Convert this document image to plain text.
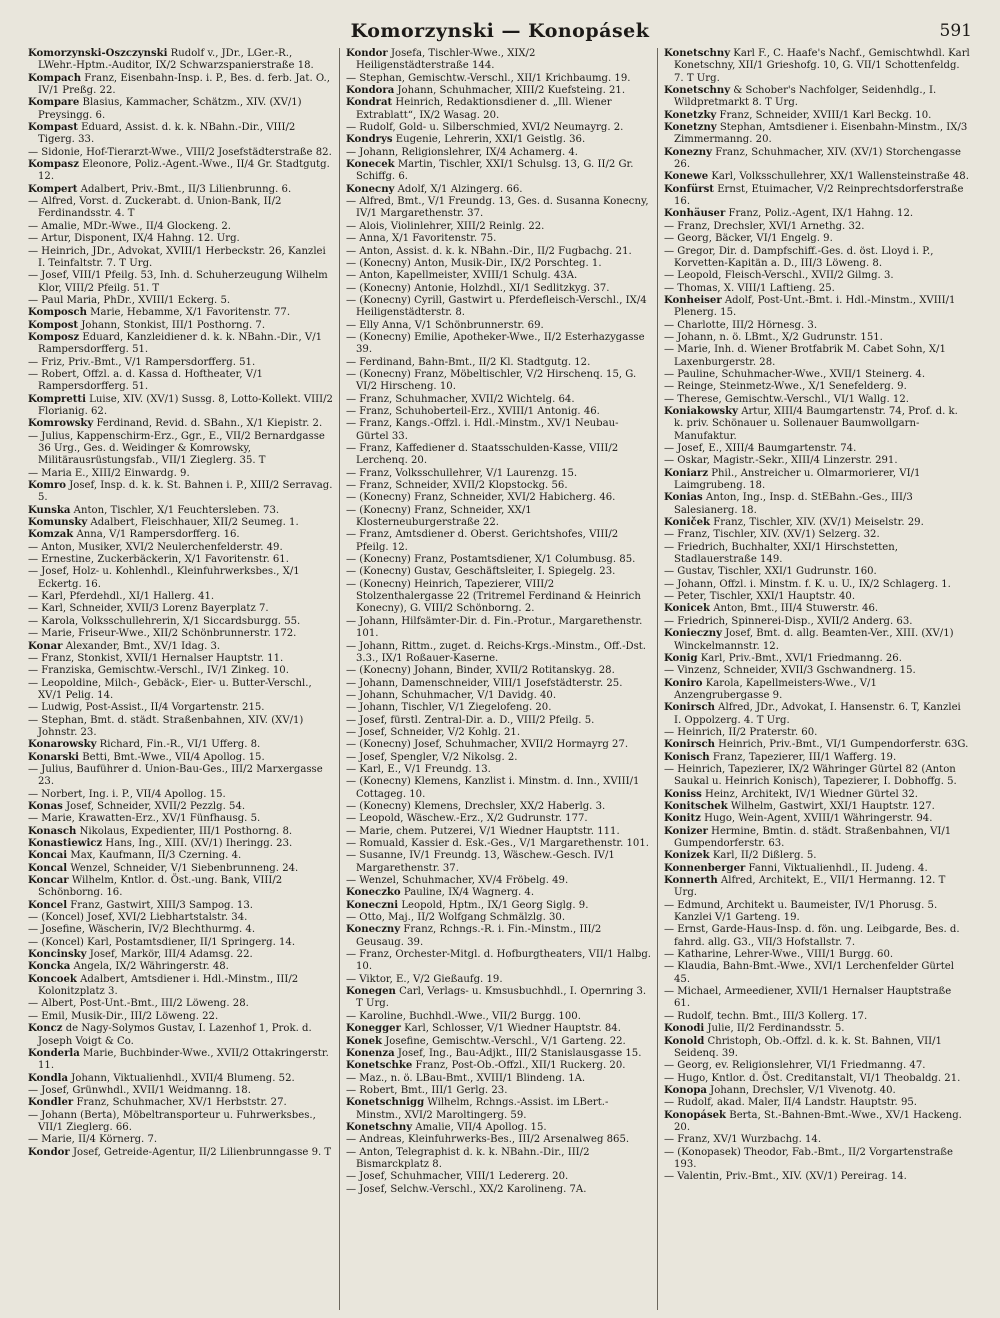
Komorzynski — Konopásek	591

Komorzynski-Oszczynski Rudolf v., JDr., LGer.-R., LWehr.-Hptm.-Auditor, IX/2 Schwarzspanierstraße 18.

Kompach Franz, Eisenbahn-Insp. i. P., Bes. d. ferb. Jat. O., IV/1 Preßg. 22.

Kompare Blasius, Kammacher, Schätzm., XIV. (XV/1) Preysingg. 6.

Kompast Eduard, Assist. d. k. k. NBahn.-Dir., VIII/2 Tigerg. 33.

— Sidonie, Hof-Tierarzt-Wwe., VIII/2 Josefstädterstraße 82.

Kompasz Eleonore, Poliz.-Agent.-Wwe., II/4 Gr. Stadtgutg. 12.

Kompert Adalbert, Priv.-Bmt., II/3 Lilienbrunng. 6.

— Alfred, Vorst. d. Zuckerabt. d. Union-Bank, II/2 Ferdinandsstr. 4. T

— Amalie, MDr.-Wwe., II/4 Glockeng. 2.

— Artur, Disponent, IX/4 Hahng. 12. Urg.

— Heinrich, JDr., Advokat, XVIII/1 Herbeckstr. 26, Kanzlei I. Teinfaltstr. 7. T Urg.

— Josef, VIII/1 Pfeilg. 53, Inh. d. Schuherzeugung Wilhelm Klor, VIII/2 Pfeilg. 51. T

— Paul Maria, PhDr., XVIII/1 Eckerg. 5.

Komposch Marie, Hebamme, X/1 Favoritenstr. 77.

Kompost Johann, Stonkist, III/1 Posthorng. 7.

Komposz Eduard, Kanzleidiener d. k. k. NBahn.-Dir., V/1 Rampersdorfferg. 51.

— Friz, Priv.-Bmt., V/1 Rampersdorfferg. 51.

— Robert, Offzl. a. d. Kassa d. Hoftheater, V/1 Rampersdorfferg. 51.

Kompretti Luise, XIV. (XV/1) Sussg. 8, Lotto-Kollekt. VIII/2 Florianig. 62.

Komrowsky Ferdinand, Revid. d. SBahn., X/1 Kiepistr. 2.

— Julius, Kappenschirm-Erz., Ggr., E., VII/2 Bernardgasse 36 Urg., Ges. d. Weidinger & Komrowsky, Militärausrüstungsfab., VII/1 Zieglerg. 35. T

— Maria E., XIII/2 Einwardg. 9.

Komro Josef, Insp. d. k. k. St. Bahnen i. P., XIII/2 Serravag. 5.

Kunska Anton, Tischler, X/1 Feuchtersleben. 73.

Komunsky Adalbert, Fleischhauer, XII/2 Seumeg. 1.

Komzak Anna, V/1 Rampersdorfferg. 16.

— Anton, Musiker, XVI/2 Neulerchenfelderstr. 49.

— Ernestine, Zuckerbäckerin, X/1 Favoritenstr. 61.

— Josef, Holz- u. Kohlenhdl., Kleinfuhrwerksbes., X/1 Eckertg. 16.

— Karl, Pferdehdl., XI/1 Hallerg. 41.

— Karl, Schneider, XVII/3 Lorenz Bayerplatz 7.

— Karola, Volksschullehrerin, X/1 Siccardsburgg. 55.

— Marie, Friseur-Wwe., XII/2 Schönbrunnerstr. 172.

Konar Alexander, Bmt., XV/1 Idag. 3.

— Franz, Stonkist, XVII/1 Hernalser Hauptstr. 11.

— Franziska, Gemischtw.-Verschl., IV/1 Zinkeg. 10.

— Leopoldine, Milch-, Gebäck-, Eier- u. Butter-Verschl., XV/1 Pelig. 14.

— Ludwig, Post-Assist., II/4 Vorgartenstr. 215.

— Stephan, Bmt. d. städt. Straßenbahnen, XIV. (XV/1) Johnstr. 23.

Konarowsky Richard, Fin.-R., VI/1 Ufferg. 8.

Konarski Betti, Bmt.-Wwe., VII/4 Apollog. 15.

— Julius, Bauführer d. Union-Bau-Ges., III/2 Marxergasse 23.

— Norbert, Ing. i. P., VII/4 Apollog. 15.

Konas Josef, Schneider, XVII/2 Pezzlg. 54.

— Marie, Krawatten-Erz., XV/1 Fünfhausg. 5.

Konasch Nikolaus, Expedienter, III/1 Posthorng. 8.

Konastiewicz Hans, Ing., XIII. (XV/1) Iheringg. 23.

Koncai Max, Kaufmann, II/3 Czerning. 4.

Koncal Wenzel, Schneider, V/1 Siebenbrunneng. 24.

Koncar Wilhelm, Kntlor. d. Öst.-ung. Bank, VIII/2 Schönborng. 16.

Koncel Franz, Gastwirt, XIII/3 Sampog. 13.

— (Koncel) Josef, XVI/2 Liebhartstalstr. 34.

— Josefine, Wäscherin, IV/2 Blechthurmg. 4.

— (Koncel) Karl, Postamtsdiener, II/1 Springerg. 14.

Koncinsky Josef, Markör, III/4 Adamsg. 22.

Koncka Angela, IX/2 Währingerstr. 48.

Koncoek Adalbert, Amtsdiener i. Hdl.-Minstm., III/2 Kolonitzplatz 3.

— Albert, Post-Unt.-Bmt., III/2 Löweng. 28.

— Emil, Musik-Dir., III/2 Löweng. 22.

Koncz de Nagy-Solymos Gustav, I. Lazenhof 1, Prok. d. Joseph Voigt & Co.

Konderla Marie, Buchbinder-Wwe., XVII/2 Ottakringerstr. 11.

Kondla Johann, Viktualienhdl., XVII/4 Blumeng. 52.

— Josef, Grünwhdl., XVII/1 Weidmanng. 18.

Kondler Franz, Schuhmacher, XV/1 Herbststr. 27.

— Johann (Berta), Möbeltransporteur u. Fuhrwerksbes., VII/1 Zieglerg. 66.

— Marie, II/4 Körnerg. 7.

Kondor Josef, Getreide-Agentur, II/2 Lilienbrunngasse 9. T

Kondor Josefa, Tischler-Wwe., XIX/2 Heiligenstädterstraße 144.

— Stephan, Gemischtw.-Verschl., XII/1 Krichbaumg. 19.

Kondora Johann, Schuhmacher, XIII/2 Kuefsteing. 21.

Kondrat Heinrich, Redaktionsdiener d. „Ill. Wiener Extrablatt“, IX/2 Wasag. 20.

— Rudolf, Gold- u. Silberschmied, XVI/2 Neumayrg. 2.

Kondrys Eugenie, Lehrerin, XXI/1 Geistlg. 36.

— Johann, Religionslehrer, IX/4 Achamerg. 4.

Konecek Martin, Tischler, XXI/1 Schulsg. 13, G. II/2 Gr. Schiffg. 6.

Konecny Adolf, X/1 Alzingerg. 66.

— Alfred, Bmt., V/1 Freundg. 13, Ges. d. Susanna Konecny, IV/1 Margarethenstr. 37.

— Alois, Violinlehrer, XIII/2 Reinlg. 22.

— Anna, X/1 Favoritenstr. 75.

— Anton, Assist. d. k. k. NBahn.-Dir., II/2 Fugbachg. 21.

— (Konecny) Anton, Musik-Dir., IX/2 Porschteg. 1.

— Anton, Kapellmeister, XVIII/1 Schulg. 43A.

— (Konecny) Antonie, Holzhdl., XI/1 Sedlitzkyg. 37.

— (Konecny) Cyrill, Gastwirt u. Pferdefleisch-Verschl., IX/4 Heiligenstädterstr. 8.

— Elly Anna, V/1 Schönbrunnerstr. 69.

— (Konecny) Emilie, Apotheker-Wwe., II/2 Esterhazygasse 39.

— Ferdinand, Bahn-Bmt., II/2 Kl. Stadtgutg. 12.

— (Konecny) Franz, Möbeltischler, V/2 Hirschenq. 15, G. VI/2 Hirscheng. 10.

— Franz, Schuhmacher, XVII/2 Wichtelg. 64.

— Franz, Schuhoberteil-Erz., XVIII/1 Antonig. 46.

— Franz, Kangs.-Offzl. i. Hdl.-Minstm., XV/1 Neubau-Gürtel 33.

— Franz, Kaffediener d. Staatsschulden-Kasse, VIII/2 Lerchenq. 20.

— Franz, Volksschullehrer, V/1 Laurenzg. 15.

— Franz, Schneider, XVII/2 Klopstockg. 56.

— (Konecny) Franz, Schneider, XVI/2 Habicherg. 46.

— (Konecny) Franz, Schneider, XX/1 Klosterneuburgerstraße 22.

— Franz, Amtsdiener d. Oberst. Gerichtshofes, VIII/2 Pfeilg. 12.

— (Konecny) Franz, Postamtsdiener, X/1 Columbusg. 85.

— (Konecny) Gustav, Geschäftsleiter, I. Spiegelg. 23.

— (Konecny) Heinrich, Tapezierer, VIII/2 Stolzenthalergasse 22 (Tritremel Ferdinand & Heinrich Konecny), G. VIII/2 Schönborng. 2.

— Johann, Hilfsämter-Dir. d. Fin.-Protur., Margarethenstr. 101.

— Johann, Rittm., zuget. d. Reichs-Krgs.-Minstm., Off.-Dst. 3.3., IX/1 Roßauer-Kaserne.

— (Konecny) Johann, Binder, XVII/2 Rotitanskyg. 28.

— Johann, Damenschneider, VIII/1 Josefstädterstr. 25.

— Johann, Schuhmacher, V/1 Davidg. 40.

— Johann, Tischler, V/1 Ziegelofeng. 20.

— Josef, fürstl. Zentral-Dir. a. D., VIII/2 Pfeilg. 5.

— Josef, Schneider, V/2 Kohlg. 21.

— (Konecny) Josef, Schuhmacher, XVII/2 Hormayrg 27.

— Josef, Spengler, V/2 Nikolsg. 2.

— Karl, E., V/1 Freundg. 13.

— (Konecny) Klemens, Kanzlist i. Minstm. d. Inn., XVIII/1 Cottageg. 10.

— (Konecny) Klemens, Drechsler, XX/2 Haberlg. 3.

— Leopold, Wäschew.-Erz., X/2 Gudrunstr. 177.

— Marie, chem. Putzerei, V/1 Wiedner Hauptstr. 111.

— Romuald, Kassier d. Esk.-Ges., V/1 Margarethenstr. 101.

— Susanne, IV/1 Freundg. 13, Wäschew.-Gesch. IV/1 Margarethenstr. 37.

— Wenzel, Schuhmacher, XV/4 Fröbelg. 49.

Koneczko Pauline, IX/4 Wagnerg. 4.

Koneczni Leopold, Hptm., IX/1 Georg Siglg. 9.

— Otto, Maj., II/2 Wolfgang Schmälzlg. 30.

Koneczny Franz, Rchngs.-R. i. Fin.-Minstm., III/2 Geusaug. 39.

— Franz, Orchester-Mitgl. d. Hofburgtheaters, VII/1 Halbg. 10.

— Viktor, E., V/2 Gießaufg. 19.

Konegen Carl, Verlags- u. Kmsusbuchhdl., I. Opernring 3. T Urg.

— Karoline, Buchhdl.-Wwe., VII/2 Burgg. 100.

Konegger Karl, Schlosser, V/1 Wiedner Hauptstr. 84.

Konek Josefine, Gemischtw.-Verschl., V/1 Garteng. 22.

Konenza Josef, Ing., Bau-Adjkt., III/2 Stanislausgasse 15.

Konetschke Franz, Post-Ob.-Offzl., XII/1 Ruckerg. 20.

— Maz., n. ö. LBau-Bmt., XVIII/1 Blindeng. 1A.

— Robert, Bmt., III/1 Gerlg. 23.

Konetschnigg Wilhelm, Rchngs.-Assist. im LBert.-Minstm., XVI/2 Maroltingerg. 59.

Konetschny Amalie, VII/4 Apollog. 15.

— Andreas, Kleinfuhrwerks-Bes., III/2 Arsenalweg 865.

— Anton, Telegraphist d. k. k. NBahn.-Dir., III/2 Bismarckplatz 8.

— Josef, Schuhmacher, VIII/1 Ledererg. 20.

— Josef, Selchw.-Verschl., XX/2 Karolineng. 7A.

Konetschny Karl F., C. Haafe's Nachf., Gemischtwhdl. Karl Konetschny, XII/1 Grieshofg. 10, G. VII/1 Schottenfeldg. 7. T Urg.

Konetschny & Schober's Nachfolger, Seidenhdlg., I. Wildpretmarkt 8. T Urg.

Konetzky Franz, Schneider, XVIII/1 Karl Beckg. 10.

Konetzny Stephan, Amtsdiener i. Eisenbahn-Minstm., IX/3 Zimmermanng. 20.

Konezny Franz, Schuhmacher, XIV. (XV/1) Storchengasse 26.

Konewe Karl, Volksschullehrer, XX/1 Wallensteinstraße 48.

Konfürst Ernst, Etuimacher, V/2 Reinprechtsdorferstraße 16.

Konhäuser Franz, Poliz.-Agent, IX/1 Hahng. 12.

— Franz, Drechsler, XVI/1 Arnethg. 32.

— Georg, Bäcker, VI/1 Engelg. 9.

— Gregor, Dir. d. Dampfschiff.-Ges. d. öst. Lloyd i. P., Korvetten-Kapitän a. D., III/3 Löweng. 8.

— Leopold, Fleisch-Verschl., XVII/2 Gilmg. 3.

— Thomas, X. VIII/1 Laftieng. 25.

Konheiser Adolf, Post-Unt.-Bmt. i. Hdl.-Minstm., XVIII/1 Plenerg. 15.

— Charlotte, III/2 Hörnesg. 3.

— Johann, n. ö. LBmt., X/2 Gudrunstr. 151.

— Marie, Inh. d. Wiener Brotfabrik M. Cabet Sohn, X/1 Laxenburgerstr. 28.

— Pauline, Schuhmacher-Wwe., XVII/1 Steinerg. 4.

— Reinge, Steinmetz-Wwe., X/1 Senefelderg. 9.

— Therese, Gemischtw.-Verschl., VI/1 Wallg. 12.

Koniakowsky Artur, XIII/4 Baumgartenstr. 74, Prof. d. k. k. priv. Schönauer u. Sollenauer Baumwollgarn-Manufaktur.

— Josef, E., XIII/4 Baumgartenstr. 74.

— Oskar, Magistr.-Sekr., XIII/4 Linzerstr. 291.

Koniarz Phil., Anstreicher u. Olmarmorierer, VI/1 Laimgrubeng. 18.

Konias Anton, Ing., Insp. d. StEBahn.-Ges., III/3 Salesianerg. 18.

Koniček Franz, Tischler, XIV. (XV/1) Meiselstr. 29.

— Franz, Tischler, XIV. (XV/1) Selzerg. 32.

— Friedrich, Buchhalter, XXI/1 Hirschstetten, Stadlauerstraße 149.

— Gustav, Tischler, XXI/1 Gudrunstr. 160.

— Johann, Offzl. i. Minstm. f. K. u. U., IX/2 Schlagerg. 1.

— Peter, Tischler, XXI/1 Hauptstr. 40.

Konicek Anton, Bmt., III/4 Stuwerstr. 46.

— Friedrich, Spinnerei-Disp., XVII/2 Anderg. 63.

Konieczny Josef, Bmt. d. allg. Beamten-Ver., XIII. (XV/1) Winckelmannstr. 12.

Konig Karl, Priv.-Bmt., XVI/1 Friedmanng. 26.

— Vinzenz, Schneider, XVII/3 Gschwandnerg. 15.

Koniro Karola, Kapellmeisters-Wwe., V/1 Anzengrubergasse 9.

Konirsch Alfred, JDr., Advokat, I. Hansenstr. 6. T, Kanzlei I. Oppolzerg. 4. T Urg.

— Heinrich, II/2 Praterstr. 60.

Konirsch Heinrich, Priv.-Bmt., VI/1 Gumpendorferstr. 63G.

Konisch Franz, Tapezierer, III/1 Wafferg. 19.

— Heinrich, Tapezierer, IX/2 Währinger Gürtel 82 (Anton Saukal u. Heinrich Konisch), Tapezierer, I. Dobhoffg. 5.

Koniss Heinz, Architekt, IV/1 Wiedner Gürtel 32.

Konitschek Wilhelm, Gastwirt, XXI/1 Hauptstr. 127.

Konitz Hugo, Wein-Agent, XVIII/1 Währingerstr. 94.

Konizer Hermine, Bmtin. d. städt. Straßenbahnen, VI/1 Gumpendorferstr. 63.

Konizek Karl, II/2 Dißlerg. 5.

Konnenberger Fanni, Viktualienhdl., II. Judeng. 4.

Konnerth Alfred, Architekt, E., VII/1 Hermanng. 12. T Urg.

— Edmund, Architekt u. Baumeister, IV/1 Phorusg. 5. Kanzlei V/1 Garteng. 19.

— Ernst, Garde-Haus-Insp. d. fön. ung. Leibgarde, Bes. d. fahrd. allg. G3., VII/3 Hofstallstr. 7.

— Katharine, Lehrer-Wwe., VIII/1 Burgg. 60.

— Klaudia, Bahn-Bmt.-Wwe., XVI/1 Lerchenfelder Gürtel 45.

— Michael, Armeediener, XVII/1 Hernalser Hauptstraße 61.

— Rudolf, techn. Bmt., III/3 Kollerg. 17.

Konodi Julie, II/2 Ferdinandsstr. 5.

Konold Christoph, Ob.-Offzl. d. k. k. St. Bahnen, VII/1 Seidenq. 39.

— Georg, ev. Religionslehrer, VI/1 Friedmanng. 47.

— Hugo, Kntlor. d. Öst. Creditanstalt, VI/1 Theobaldg. 21.

Konopa Johann, Drechsler, V/1 Vivenotg. 40.

— Rudolf, akad. Maler, II/4 Landstr. Hauptstr. 95.

Konopásek Berta, St.-Bahnen-Bmt.-Wwe., XV/1 Hackeng. 20.

— Franz, XV/1 Wurzbachg. 14.

— (Konopasek) Theodor, Fab.-Bmt., II/2 Vorgartenstraße 193.

— Valentin, Priv.-Bmt., XIV. (XV/1) Pereirag. 14.
